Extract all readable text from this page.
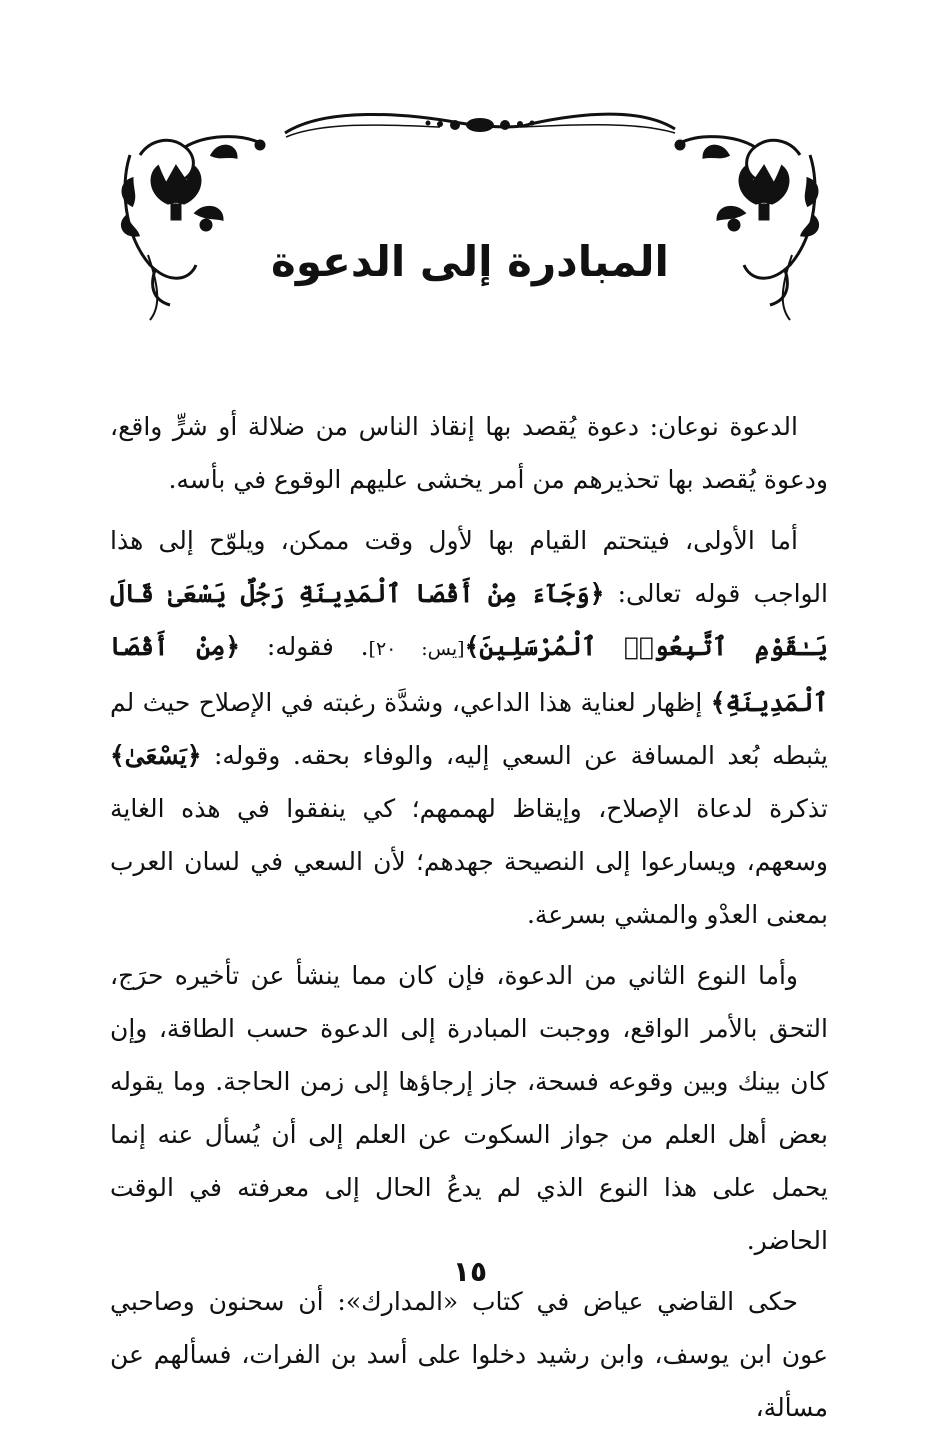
المبادرة إلى الدعوة

الدعوة نوعان: دعوة يُقصد بها إنقاذ الناس من ضلالة أو شرٍّ واقع، ودعوة يُقصد بها تحذيرهم من أمر يخشى عليهم الوقوع في بأسه.

أما الأولى، فيتحتم القيام بها لأول وقت ممكن، ويلوّح إلى هذا الواجب قوله تعالى: ﴿وَجَآءَ مِنْ أَقْصَا ٱلْمَدِينَةِ رَجُلٌ يَسْعَىٰ قَالَ يَـٰقَوْمِ ٱتَّبِعُوا۟ ٱلْمُرْسَلِينَ﴾[يس: ٢٠]. فقوله: ﴿مِنْ أَقْصَا ٱلْمَدِينَةِ﴾ إظهار لعناية هذا الداعي، وشدَّة رغبته في الإصلاح حيث لم يثبطه بُعد المسافة عن السعي إليه، والوفاء بحقه. وقوله: ﴿يَسْعَىٰ﴾ تذكرة لدعاة الإصلاح، وإيقاظ لهممهم؛ كي ينفقوا في هذه الغاية وسعهم، ويسارعوا إلى النصيحة جهدهم؛ لأن السعي في لسان العرب بمعنى العدْو والمشي بسرعة.

وأما النوع الثاني من الدعوة، فإن كان مما ينشأ عن تأخيره حرَج، التحق بالأمر الواقع، ووجبت المبادرة إلى الدعوة حسب الطاقة، وإن كان بينك وبين وقوعه فسحة، جاز إرجاؤها إلى زمن الحاجة. وما يقوله بعض أهل العلم من جواز السكوت عن العلم إلى أن يُسأل عنه إنما يحمل على هذا النوع الذي لم يدعُ الحال إلى معرفته في الوقت الحاضر.

حكى القاضي عياض في كتاب «المدارك»: أن سحنون وصاحبي عون ابن يوسف، وابن رشيد دخلوا على أسد بن الفرات، فسألهم عن مسألة،

١٥
